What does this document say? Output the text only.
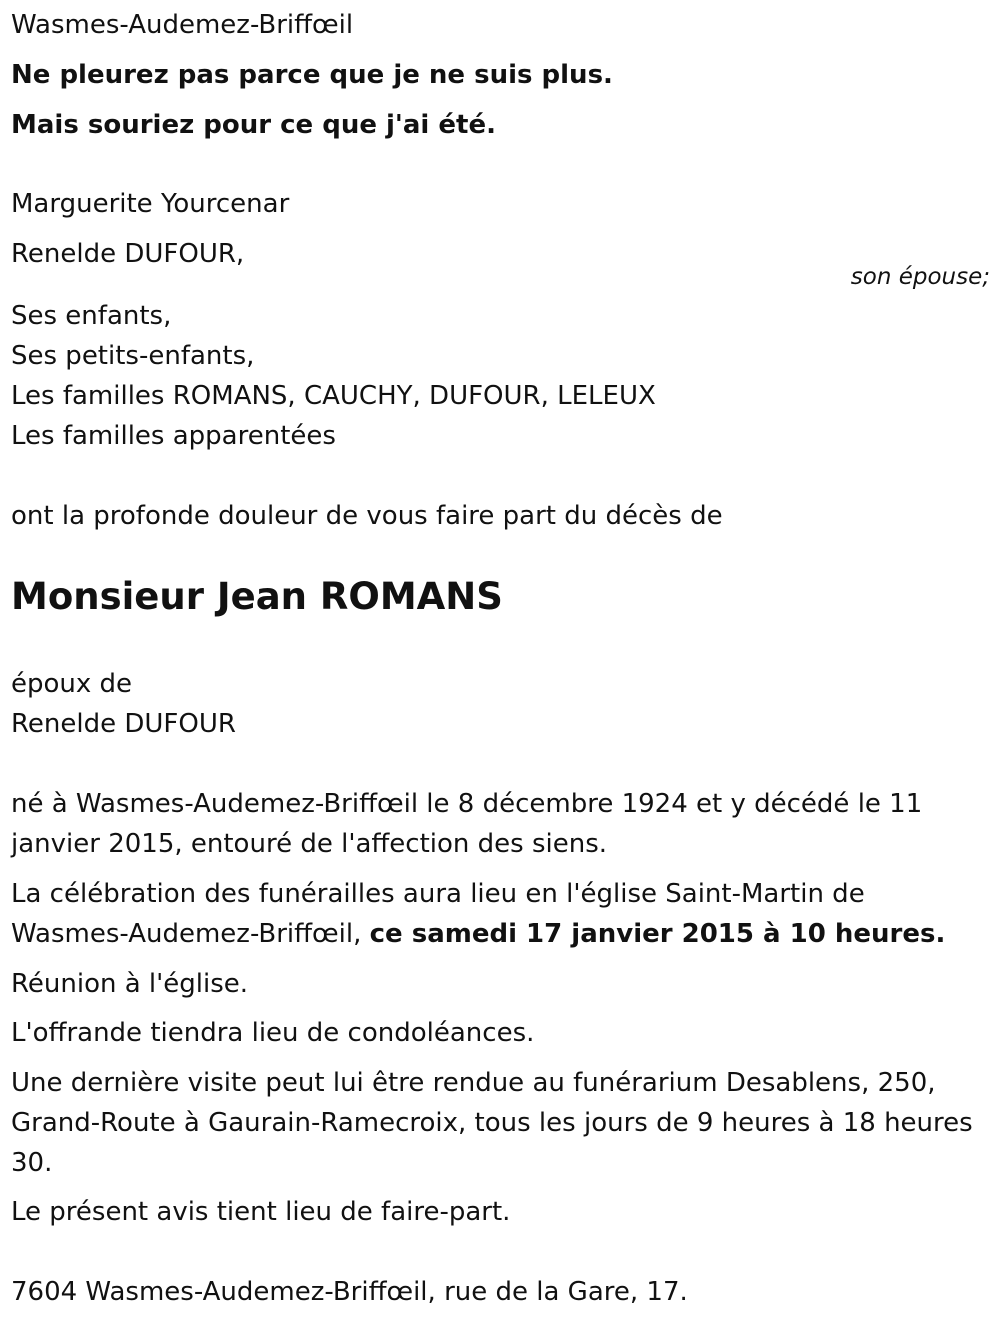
Wasmes-Audemez-Briffœil

Ne pleurez pas parce que je ne suis plus.

Mais souriez pour ce que j'ai été.

Marguerite Yourcenar

Renelde DUFOUR,

son épouse;

Ses enfants,

Ses petits-enfants,

Les familles ROMANS, CAUCHY, DUFOUR, LELEUX

Les familles apparentées

ont la profonde douleur de vous faire part du décès de

Monsieur Jean ROMANS

époux de

Renelde DUFOUR

né à Wasmes-Audemez-Briffœil le 8 décembre 1924 et y décédé le 11

janvier 2015, entouré de l'affection des siens.

La célébration des funérailles aura lieu en l'église Saint-Martin de

Wasmes-Audemez-Briffœil, ce samedi 17 janvier 2015 à 10 heures.

Réunion à l'église.

L'offrande tiendra lieu de condoléances.

Une dernière visite peut lui être rendue au funérarium Desablens, 250,

Grand-Route à Gaurain-Ramecroix, tous les jours de 9 heures à 18 heures

30.

Le présent avis tient lieu de faire-part.

7604 Wasmes-Audemez-Briffœil, rue de la Gare, 17.
